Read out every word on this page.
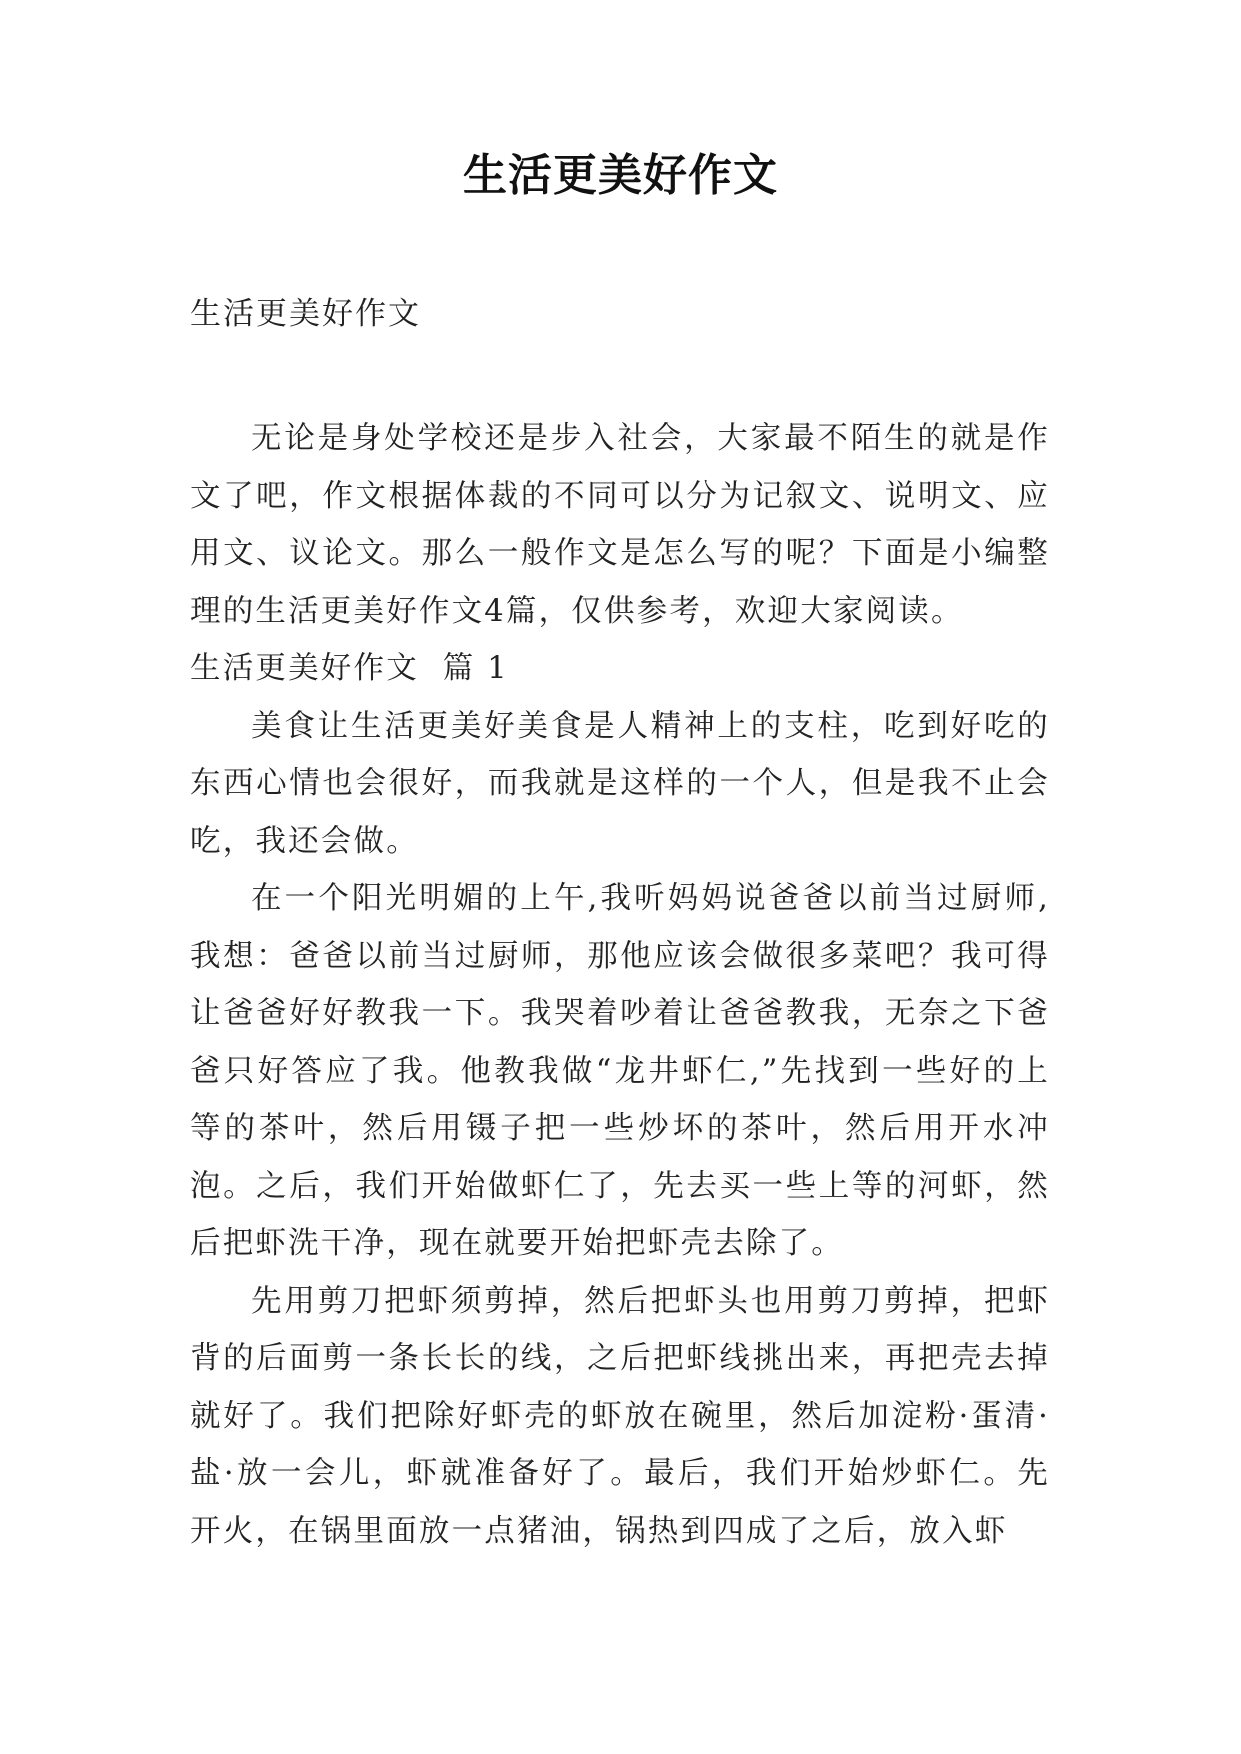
生活更美好作文

生活更美好作文

无论是身处学校还是步入社会，大家最不陌生的就是作文了吧，作文根据体裁的不同可以分为记叙文、说明文、应用文、议论文。那么一般作文是怎么写的呢？下面是小编整理的生活更美好作文4篇，仅供参考，欢迎大家阅读。

生活更美好作文  篇 1

美食让生活更美好美食是人精神上的支柱，吃到好吃的东西心情也会很好，而我就是这样的一个人，但是我不止会吃，我还会做。

在一个阳光明媚的上午,我听妈妈说爸爸以前当过厨师,我想：爸爸以前当过厨师，那他应该会做很多菜吧？我可得让爸爸好好教我一下。我哭着吵着让爸爸教我，无奈之下爸爸只好答应了我。他教我做“龙井虾仁,”先找到一些好的上等的茶叶，然后用镊子把一些炒坏的茶叶，然后用开水冲泡。之后，我们开始做虾仁了，先去买一些上等的河虾，然后把虾洗干净，现在就要开始把虾壳去除了。

先用剪刀把虾须剪掉，然后把虾头也用剪刀剪掉，把虾背的后面剪一条长长的线，之后把虾线挑出来，再把壳去掉就好了。我们把除好虾壳的虾放在碗里，然后加淀粉·蛋清·盐·放一会儿，虾就准备好了。最后，我们开始炒虾仁。先开火，在锅里面放一点猪油，锅热到四成了之后，放入虾
